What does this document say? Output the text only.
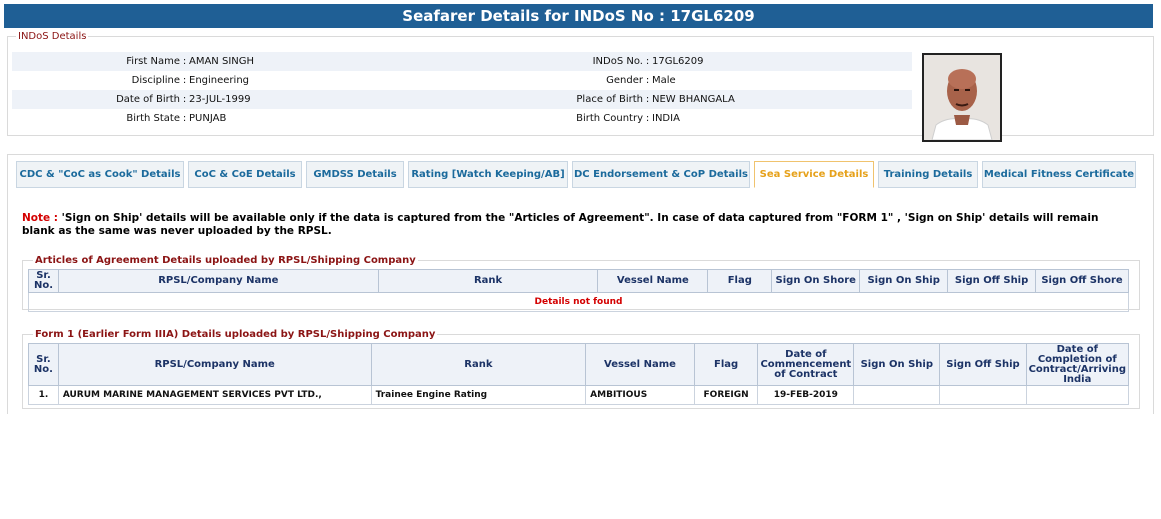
Seafarer Details for INDoS No : 17GL6209
INDoS Details
First Name : AMAN SINGH	INDoS No. : 17GL6209
Discipline : Engineering	Gender : Male
Date of Birth : 23-JUL-1999	Place of Birth : NEW BHANGALA
Birth State : PUNJAB	Birth Country : INDIA
CDC & "CoC as Cook" Details	CoC & CoE Details	GMDSS Details	Rating [Watch Keeping/AB] DC Endorsement & CoP Details	Sea Service Details	Training Details	Medical Fitness Certificate
Note : 'Sign on Ship' details will be available only if the data is captured from the "Articles of Agreement". In case of data captured from "FORM 1" , 'Sign on Ship' details will remain blank as the same was never uploaded by the RPSL.
Articles of Agreement Details uploaded by RPSL/Shipping Company
Sr. No.	RPSL/Company Name	Rank	Vessel Name	Flag	Sign On Shore	Sign On Ship	Sign Off Ship	Sign Off Shore
Details not found
Form 1 (Earlier Form IIIA) Details uploaded by RPSL/Shipping Company
Sr. No.	RPSL/Company Name	Rank	Vessel Name	Flag	Date of Commencement of Contract	Sign On Ship	Sign Off Ship	Date of Completion of Contract/Arriving India
1.	AURUM MARINE MANAGEMENT SERVICES PVT LTD.,	Trainee Engine Rating	AMBITIOUS	FOREIGN	19-FEB-2019			
